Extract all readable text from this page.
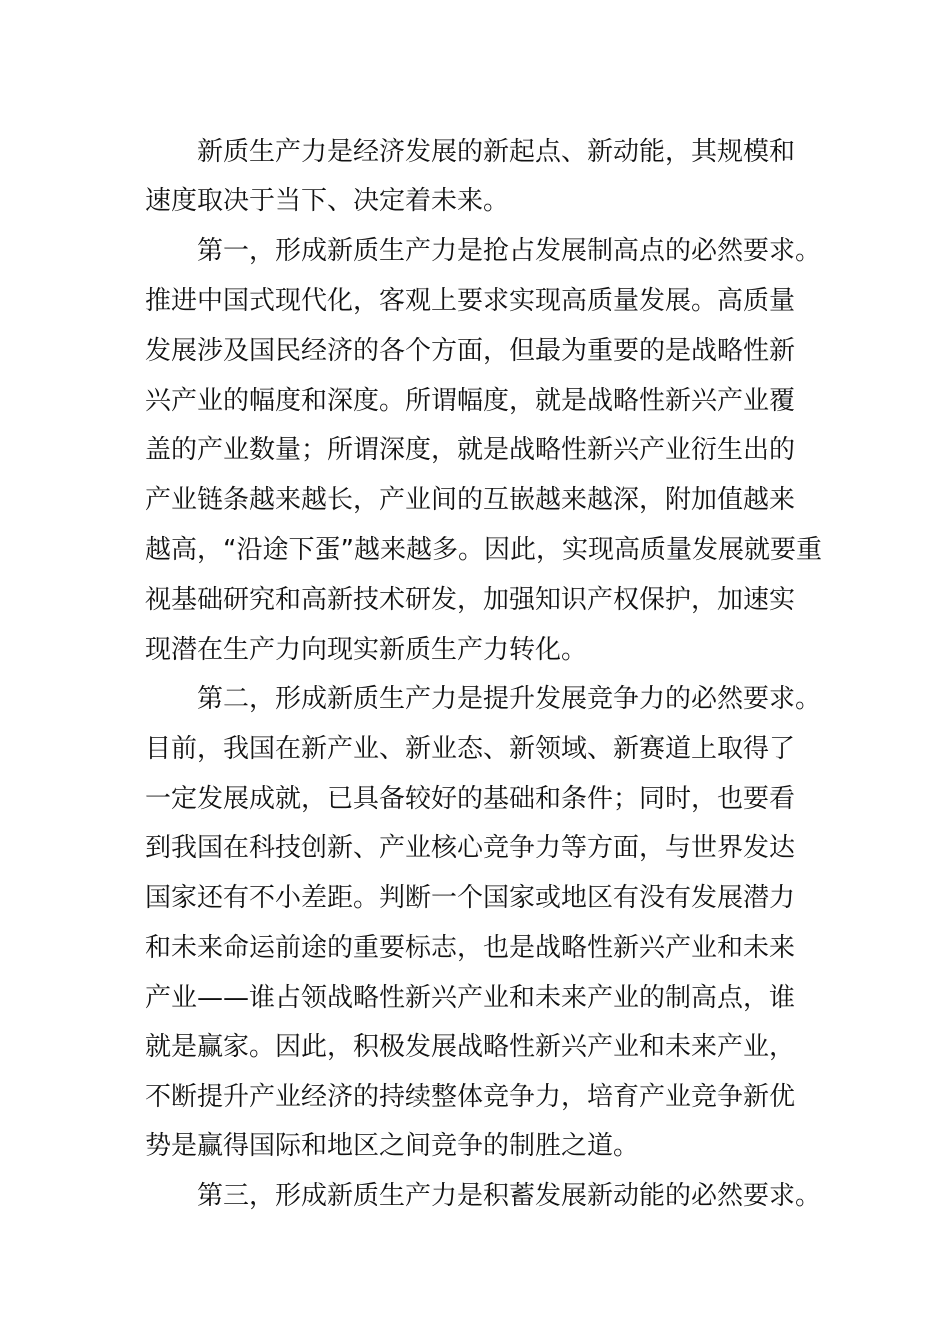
新质生产力是经济发展的新起点、新动能，其规模和
速度取决于当下、决定着未来。
第一，形成新质生产力是抢占发展制高点的必然要求。
推进中国式现代化，客观上要求实现高质量发展。高质量
发展涉及国民经济的各个方面，但最为重要的是战略性新
兴产业的幅度和深度。所谓幅度，就是战略性新兴产业覆
盖的产业数量；所谓深度，就是战略性新兴产业衍生出的
产业链条越来越长，产业间的互嵌越来越深，附加值越来
越高，“沿途下蛋”越来越多。因此，实现高质量发展就要重
视基础研究和高新技术研发，加强知识产权保护，加速实
现潜在生产力向现实新质生产力转化。
第二，形成新质生产力是提升发展竞争力的必然要求。
目前，我国在新产业、新业态、新领域、新赛道上取得了
一定发展成就，已具备较好的基础和条件；同时，也要看
到我国在科技创新、产业核心竞争力等方面，与世界发达
国家还有不小差距。判断一个国家或地区有没有发展潜力
和未来命运前途的重要标志，也是战略性新兴产业和未来
产业——谁占领战略性新兴产业和未来产业的制高点，谁
就是赢家。因此，积极发展战略性新兴产业和未来产业，
不断提升产业经济的持续整体竞争力，培育产业竞争新优
势是赢得国际和地区之间竞争的制胜之道。
第三，形成新质生产力是积蓄发展新动能的必然要求。
